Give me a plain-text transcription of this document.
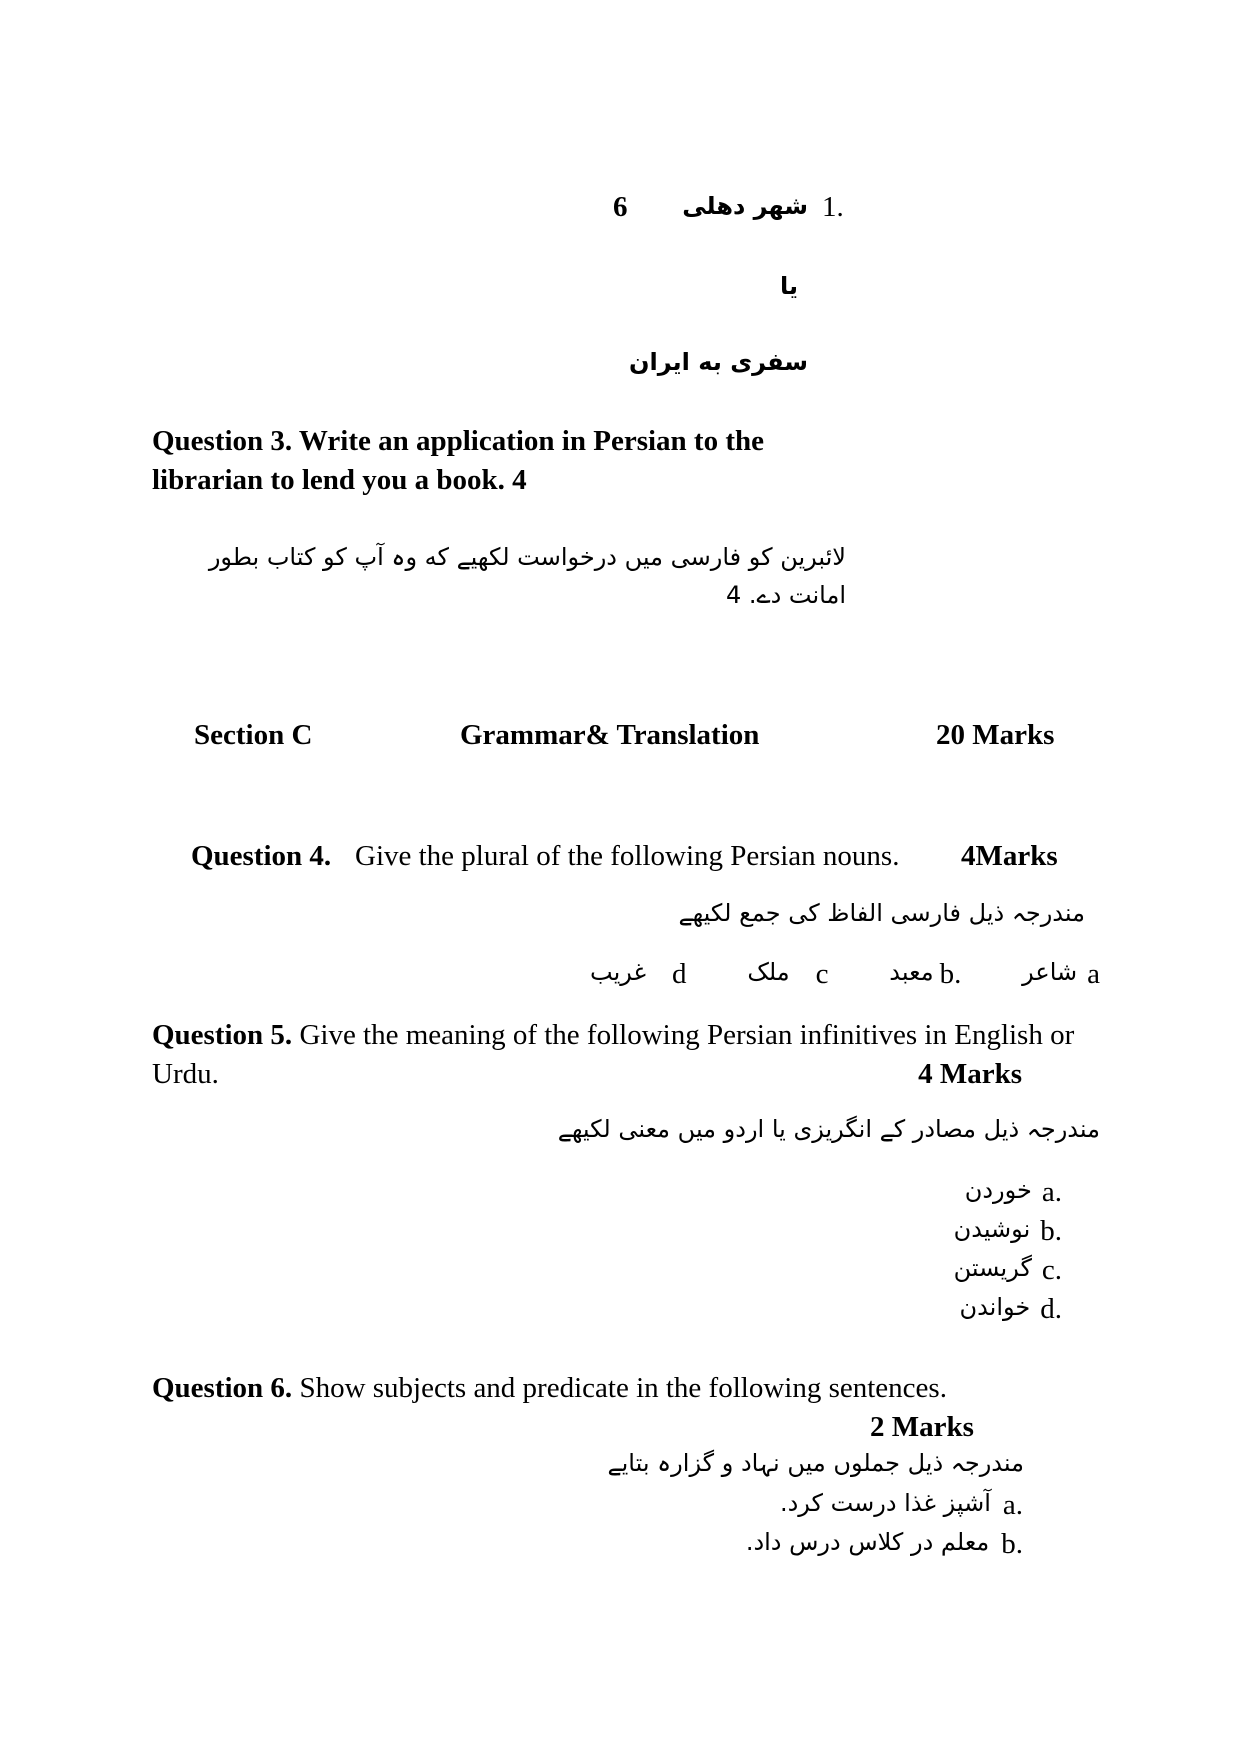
6 شهر دهلی 1.
یا
سفری به ایران
Question 3. Write an application in Persian to the
librarian to lend you a book. 4
لائبرین کو فارسی میں درخواست لکھیے که وہ آپ کو کتاب بطور
امانت دے. 4
Section C	Grammar& Translation	20 Marks
Question 4. Give the plural of the following Persian nouns. 4Marks
مندرجہ ذیل فارسی الفاظ کی جمع لکیھے
a
شاعر
b.
معبد
c
ملک
d
غریب
Question 5. Give the meaning of the following Persian infinitives in English or
Urdu.	4 Marks
مندرجہ ذیل مصادر کے انگریزی یا اردو میں معنی لکیھے
a.
خوردن
b.
نوشیدن
c.
گریستن
d.
خواندن
Question 6. Show subjects and predicate in the following sentences.
2 Marks
مندرجہ ذیل جملوں میں نہاد و گزارہ بتایے
a.
آشپز غذا درست کرد.
b.
معلم در کلاس درس داد.
